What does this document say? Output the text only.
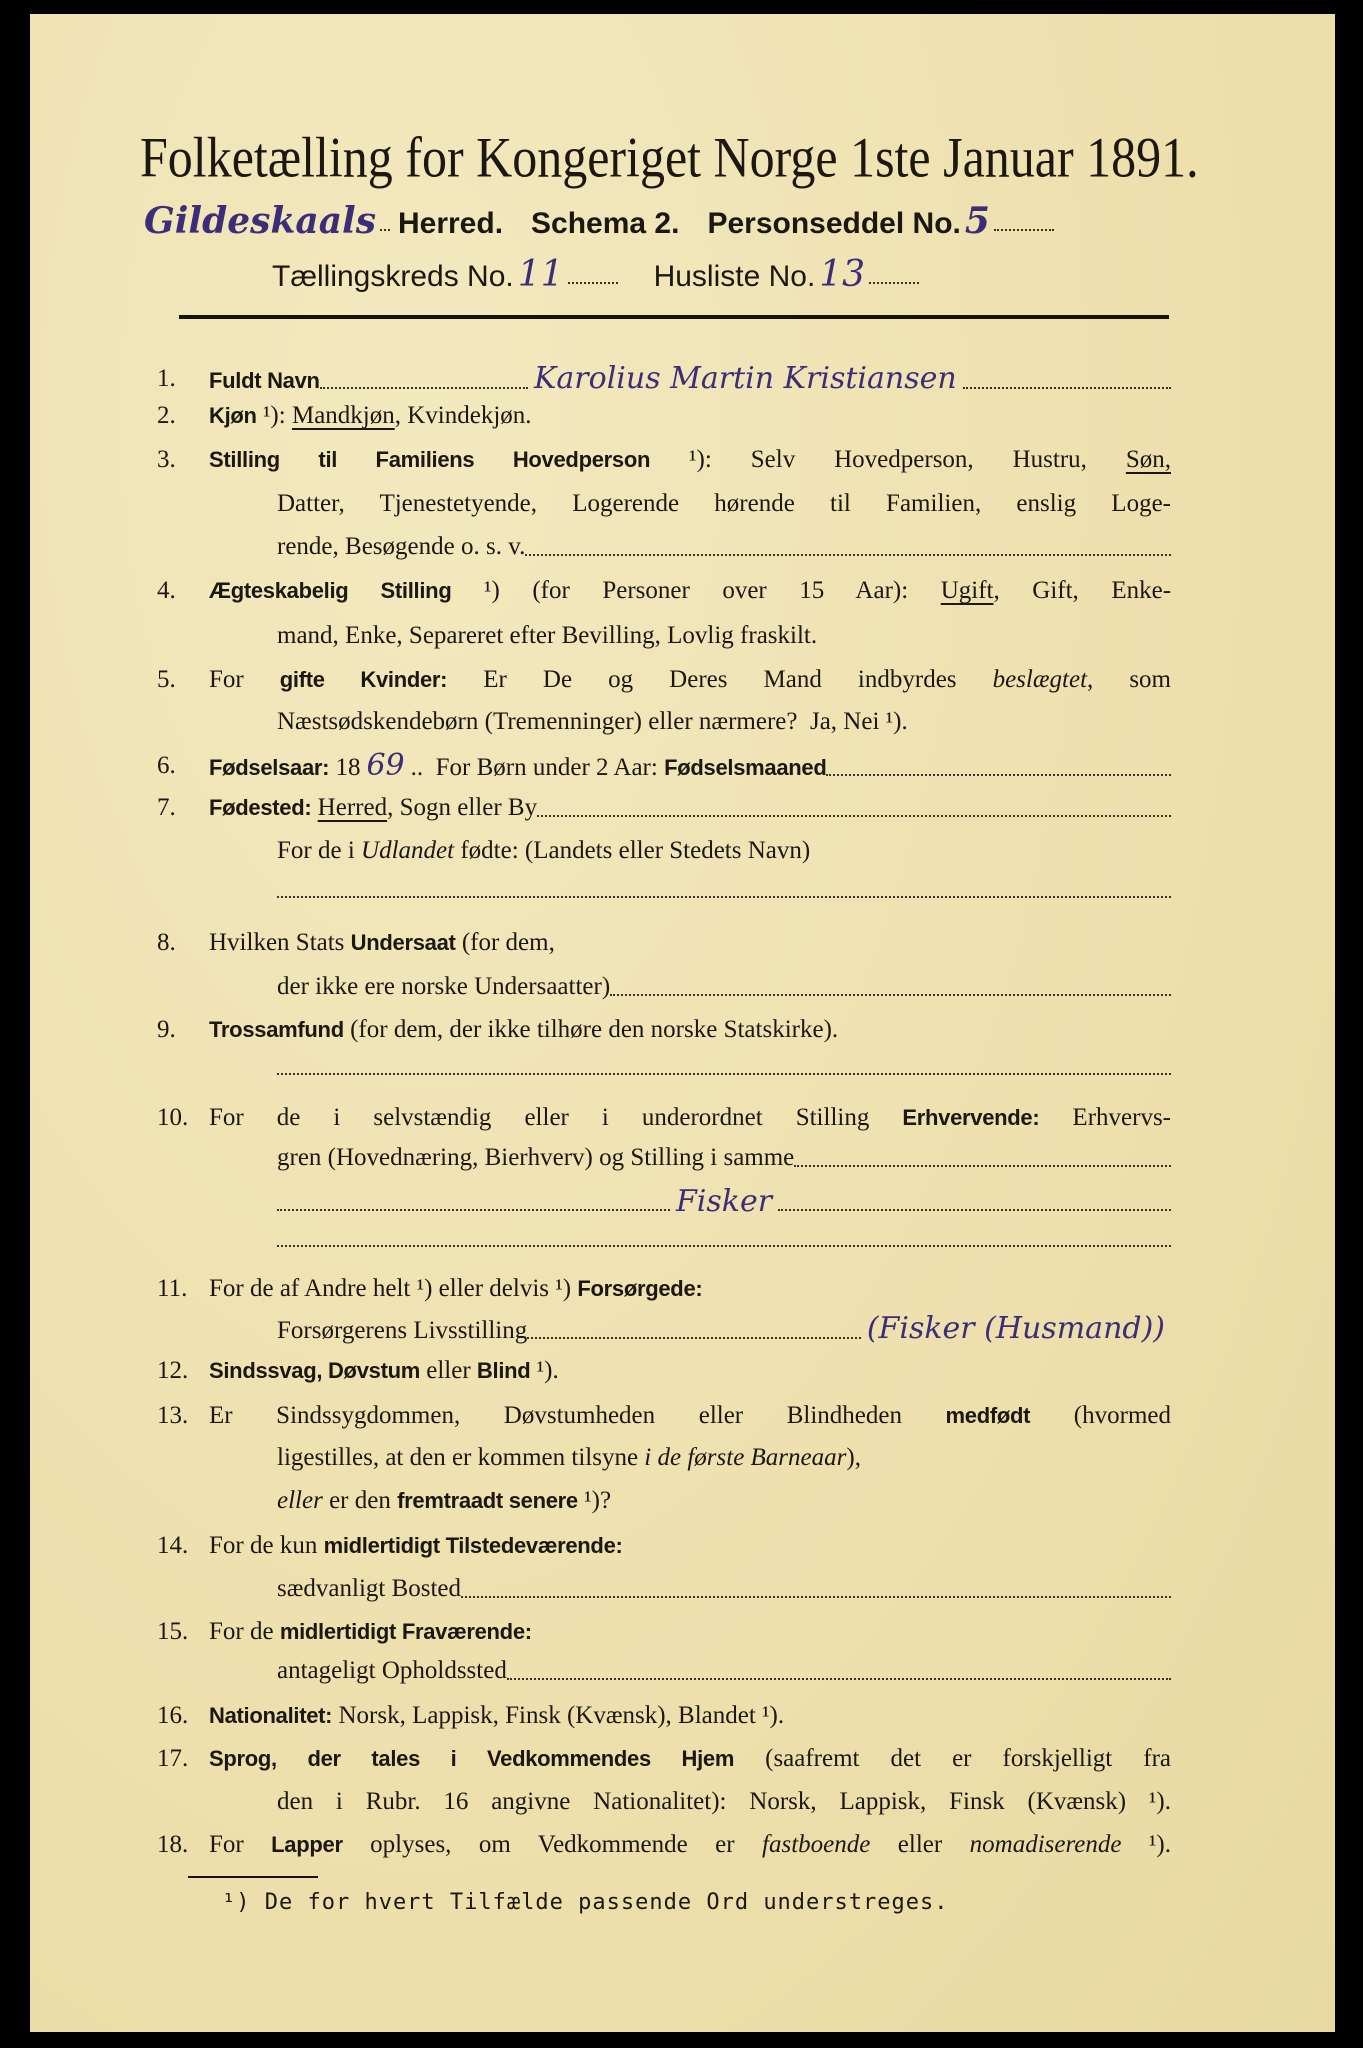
Folketælling for Kongeriget Norge 1ste Januar 1891.
Gildeskaals Herred. Schema 2. Personseddel No. 5
Tællingskreds No. 11	Husliste No. 13
1.	Fuldt Navn	Karolius Martin Kristiansen
2.	Kjøn ¹): Mandkjøn , Kvindekjøn.
3.	Stilling til Familiens Hovedperson ¹): Selv Hovedperson, Hustru, Søn,
Datter, Tjenestetyende, Logerende hørende til Familien, enslig Loge-
rende, Besøgende o. s. v.
4.	Ægteskabelig Stilling ¹) (for Personer over 15 Aar): Ugift, Gift, Enke-
mand, Enke, Separeret efter Bevilling, Lovlig fraskilt.
5.	For gifte Kvinder: Er De og Deres Mand indbyrdes beslægtet, som
Næstsødskendebørn (Tremenninger) eller nærmere?  Ja, Nei ¹).
6.	Fødselsaar: 18 69 ..  For Børn under 2 Aar: Fødselsmaaned
7.	Fødested:
Herred , Sogn eller By
For de i Udlandet fødte: (Landets eller Stedets Navn)
8.	Hvilken Stats Undersaat (for dem,
der ikke ere norske Undersaatter)
9.	Trossamfund (for dem, der ikke tilhøre den norske Statskirke).
10. For de i selvstændig eller i underordnet Stilling Erhvervende: Erhvervs-
gren (Hovednæring, Bierhverv) og Stilling i samme
Fisker
11. For de af Andre helt ¹) eller delvis ¹) Forsørgede:
Forsørgerens Livsstilling	(Fisker (Husmand))
12. Sindssvag, Døvstum eller Blind ¹).
13. Er Sindssygdommen, Døvstumheden eller Blindheden medfødt (hvormed
ligestilles, at den er kommen tilsyne i de første Barneaar ),
eller er den fremtraadt senere ¹)?
14. For de kun midlertidigt Tilstedeværende:
sædvanligt Bosted
15. For de midlertidigt Fraværende:
antageligt Opholdssted
16. Nationalitet: Norsk, Lappisk, Finsk (Kvænsk), Blandet ¹).
17. Sprog, der tales i Vedkommendes Hjem (saafremt det er forskjelligt fra
den i Rubr. 16 angivne Nationalitet): Norsk, Lappisk, Finsk (Kvænsk) ¹).
18. For Lapper oplyses, om Vedkommende er fastboende eller nomadiserende ¹).
¹) De for hvert Tilfælde passende Ord understreges.
